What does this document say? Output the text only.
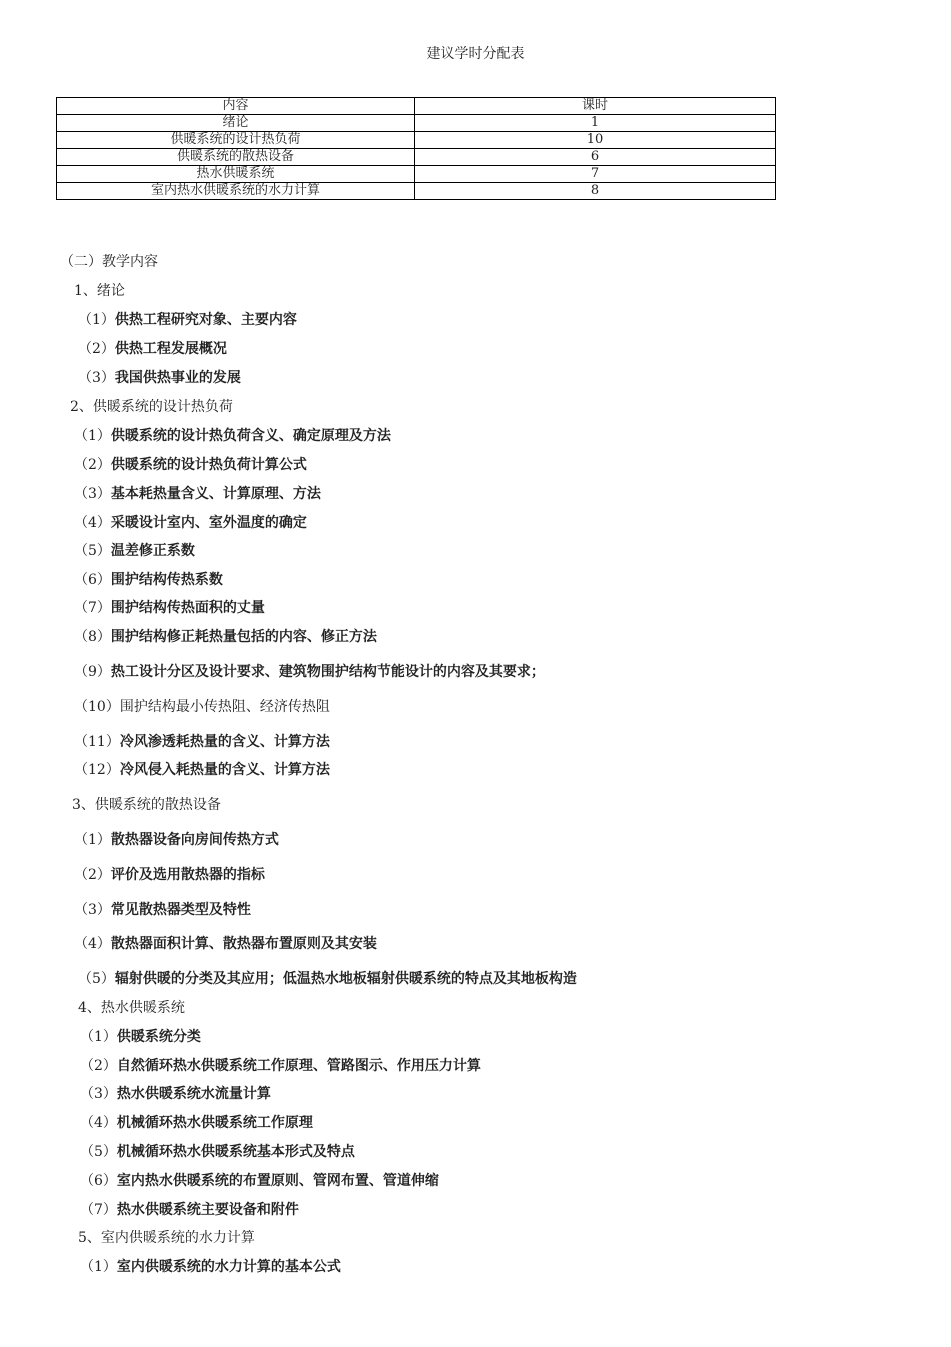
建议学时分配表
内容	课时
绪论	1
供暖系统的设计热负荷	10
供暖系统的散热设备	6
热水供暖系统	7
室内热水供暖系统的水力计算	8
（二）教学内容
1、绪论
（1）供热工程研究对象、主要内容
（2）供热工程发展概况
（3）我国供热事业的发展
2、供暖系统的设计热负荷
（1）供暖系统的设计热负荷含义、确定原理及方法
（2）供暖系统的设计热负荷计算公式
（3）基本耗热量含义、计算原理、方法
（4）采暖设计室内、室外温度的确定
（5）温差修正系数
（6）围护结构传热系数
（7）围护结构传热面积的丈量
（8）围护结构修正耗热量包括的内容、修正方法
（9）热工设计分区及设计要求、建筑物围护结构节能设计的内容及其要求；
（10）围护结构最小传热阻、经济传热阻
（11）冷风渗透耗热量的含义、计算方法
（12）冷风侵入耗热量的含义、计算方法
3、供暖系统的散热设备
（1）散热器设备向房间传热方式
（2）评价及选用散热器的指标
（3）常见散热器类型及特性
（4）散热器面积计算、散热器布置原则及其安装
（5）辐射供暖的分类及其应用；低温热水地板辐射供暖系统的特点及其地板构造
4、热水供暖系统
（1）供暖系统分类
（2）自然循环热水供暖系统工作原理、管路图示、作用压力计算
（3）热水供暖系统水流量计算
（4）机械循环热水供暖系统工作原理
（5）机械循环热水供暖系统基本形式及特点
（6）室内热水供暖系统的布置原则、管网布置、管道伸缩
（7）热水供暖系统主要设备和附件
5、室内供暖系统的水力计算
（1）室内供暖系统的水力计算的基本公式
